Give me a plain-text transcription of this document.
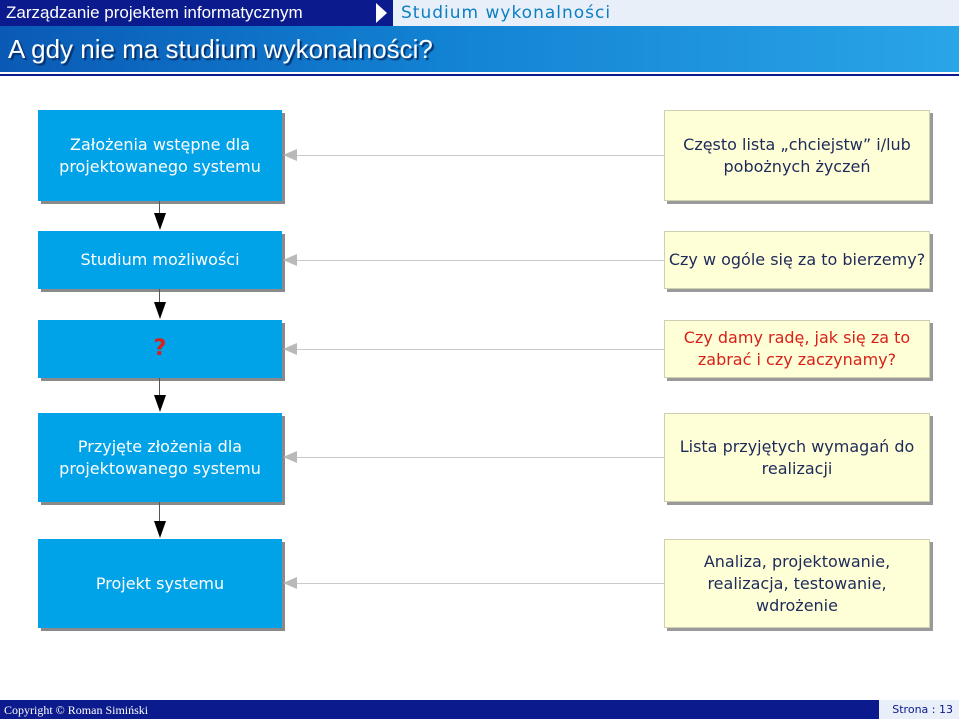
Zarządzanie projektem informatycznym	Studium wykonalności
A gdy nie ma studium wykonalności?
Założenia wstępne dla projektowanego systemu
Studium możliwości
?
Przyjęte złożenia dla projektowanego systemu
Projekt systemu
Często lista „chciejstw” i/lub pobożnych życzeń
Czy w ogóle się za to bierzemy?
Czy damy radę, jak się za to zabrać i czy zaczynamy?
Lista przyjętych wymagań do realizacji
Analiza, projektowanie, realizacja, testowanie, wdrożenie
Copyright © Roman Simiński	Strona : 13
